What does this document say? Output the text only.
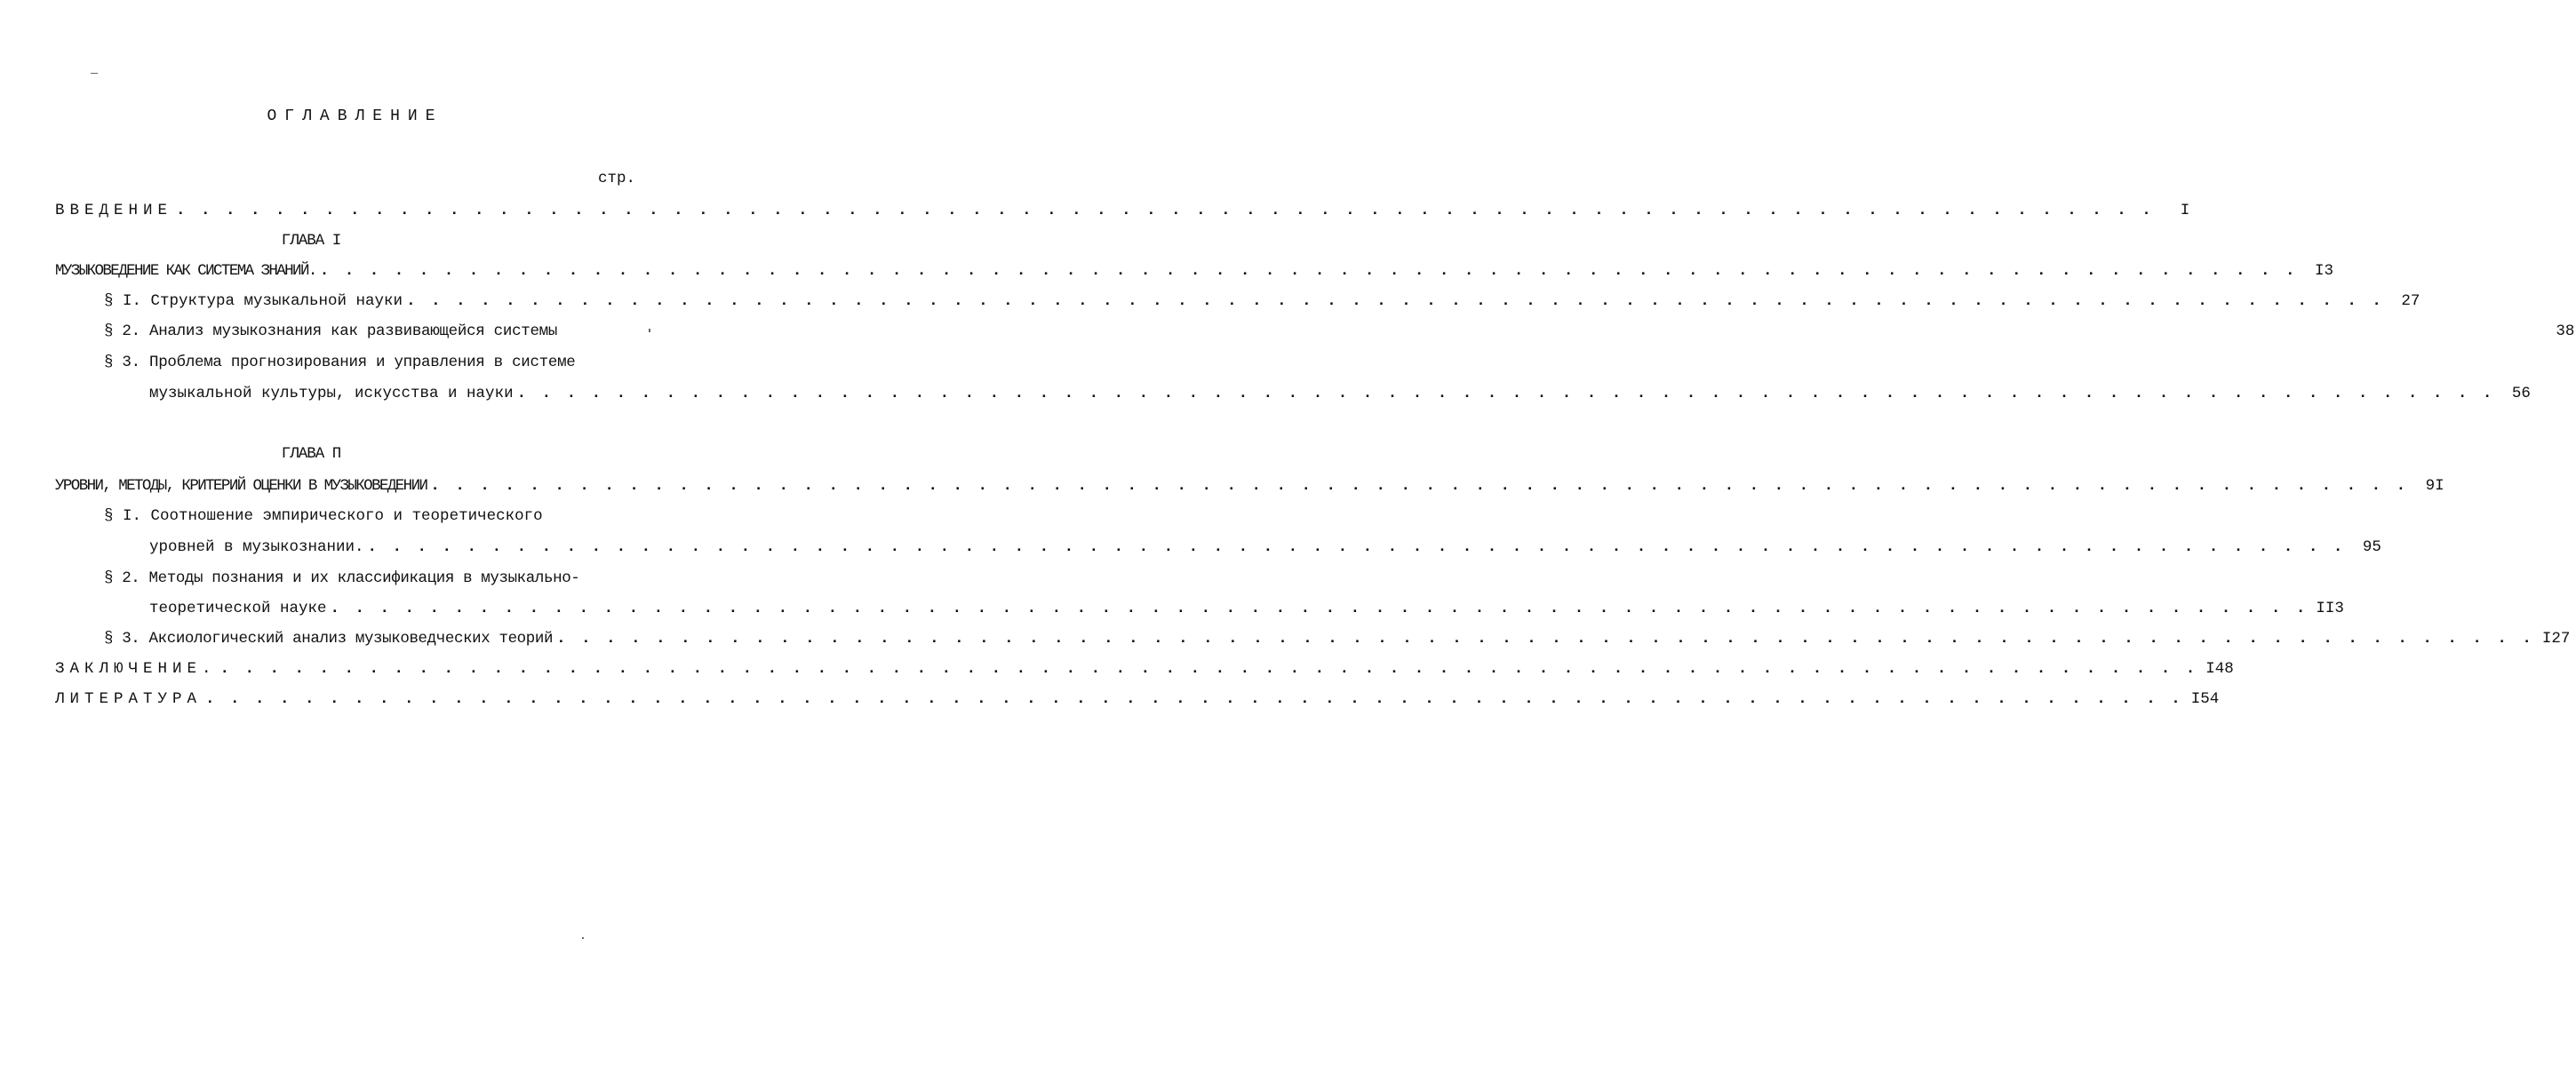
ОГЛАВЛЕНИЕ
стр.
ВВЕДЕНИЕ . . . . . . . . . . . . . . . . . . . . . . . . . . . . . . . . . . . . . . . . . . . . . . . . . . . . . . . . . . . . . . . . . . . . . . . . . . . . . . . .	I
ГЛАВА I
МУЗЫКОВЕДЕНИЕ КАК СИСТЕМА ЗНАНИЙ. . . . . . . . . . . . . . . . . . . . . . . . . . . . . . . . . . . . . . . . . . . . . . . . . . . . . . . . . . . . . . . . . . . . . . . . . . . . . . . . .	I3
§ I. Структура музыкальной науки . . . . . . . . . . . . . . . . . . . . . . . . . . . . . . . . . . . . . . . . . . . . . . . . . . . . . . . . . . . . . . . . . . . . . . . . . . . . . . . .	27
§ 2. Анализ музыкознания как развивающейся системы	38
§ 3. Проблема прогнозирования и управления в системе
музыкальной культуры, искусства и науки . . . . . . . . . . . . . . . . . . . . . . . . . . . . . . . . . . . . . . . . . . . . . . . . . . . . . . . . . . . . . . . . . . . . . . . . . . . . . . . .	56
ГЛАВА П
УРОВНИ, МЕТОДЫ, КРИТЕРИЙ ОЦЕНКИ В МУЗЫКОВЕДЕНИИ . . . . . . . . . . . . . . . . . . . . . . . . . . . . . . . . . . . . . . . . . . . . . . . . . . . . . . . . . . . . . . . . . . . . . . . . . . . . . . . .	9I
§ I. Соотношение эмпирического и теоретического
уровней в музыкознании. . . . . . . . . . . . . . . . . . . . . . . . . . . . . . . . . . . . . . . . . . . . . . . . . . . . . . . . . . . . . . . . . . . . . . . . . . . . . . . . .	95
§ 2. Методы познания и их классификация в музыкально-
теоретической науке . . . . . . . . . . . . . . . . . . . . . . . . . . . . . . . . . . . . . . . . . . . . . . . . . . . . . . . . . . . . . . . . . . . . . . . . . . . . . . . . II3
§ 3. Аксиологический анализ музыковедческих теорий . . . . . . . . . . . . . . . . . . . . . . . . . . . . . . . . . . . . . . . . . . . . . . . . . . . . . . . . . . . . . . . . . . . . . . . . . . . . . . . . I27
ЗАКЛЮЧЕНИЕ. . . . . . . . . . . . . . . . . . . . . . . . . . . . . . . . . . . . . . . . . . . . . . . . . . . . . . . . . . . . . . . . . . . . . . . . . . . . . . . . . I48
ЛИТЕРАТУРА . . . . . . . . . . . . . . . . . . . . . . . . . . . . . . . . . . . . . . . . . . . . . . . . . . . . . . . . . . . . . . . . . . . . . . . . . . . . . . . . I54
